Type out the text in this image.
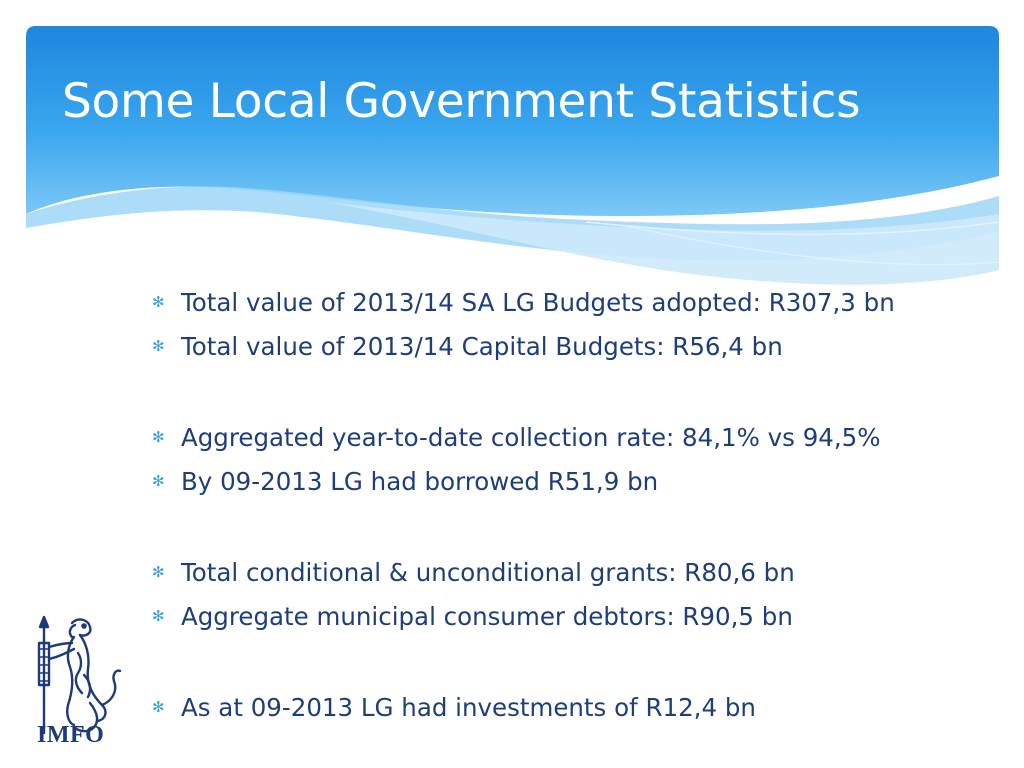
Some Local Government Statistics
✻ Total value of 2013/14 SA LG Budgets adopted: R307,3 bn
✻ Total value of 2013/14 Capital Budgets: R56,4 bn
✻ Aggregated year-to-date collection rate: 84,1% vs 94,5%
✻ By 09-2013 LG had borrowed R51,9 bn
✻ Total conditional & unconditional grants: R80,6 bn
✻ Aggregate municipal consumer debtors: R90,5 bn
✻ As at 09-2013 LG had investments of R12,4 bn
IMFO
